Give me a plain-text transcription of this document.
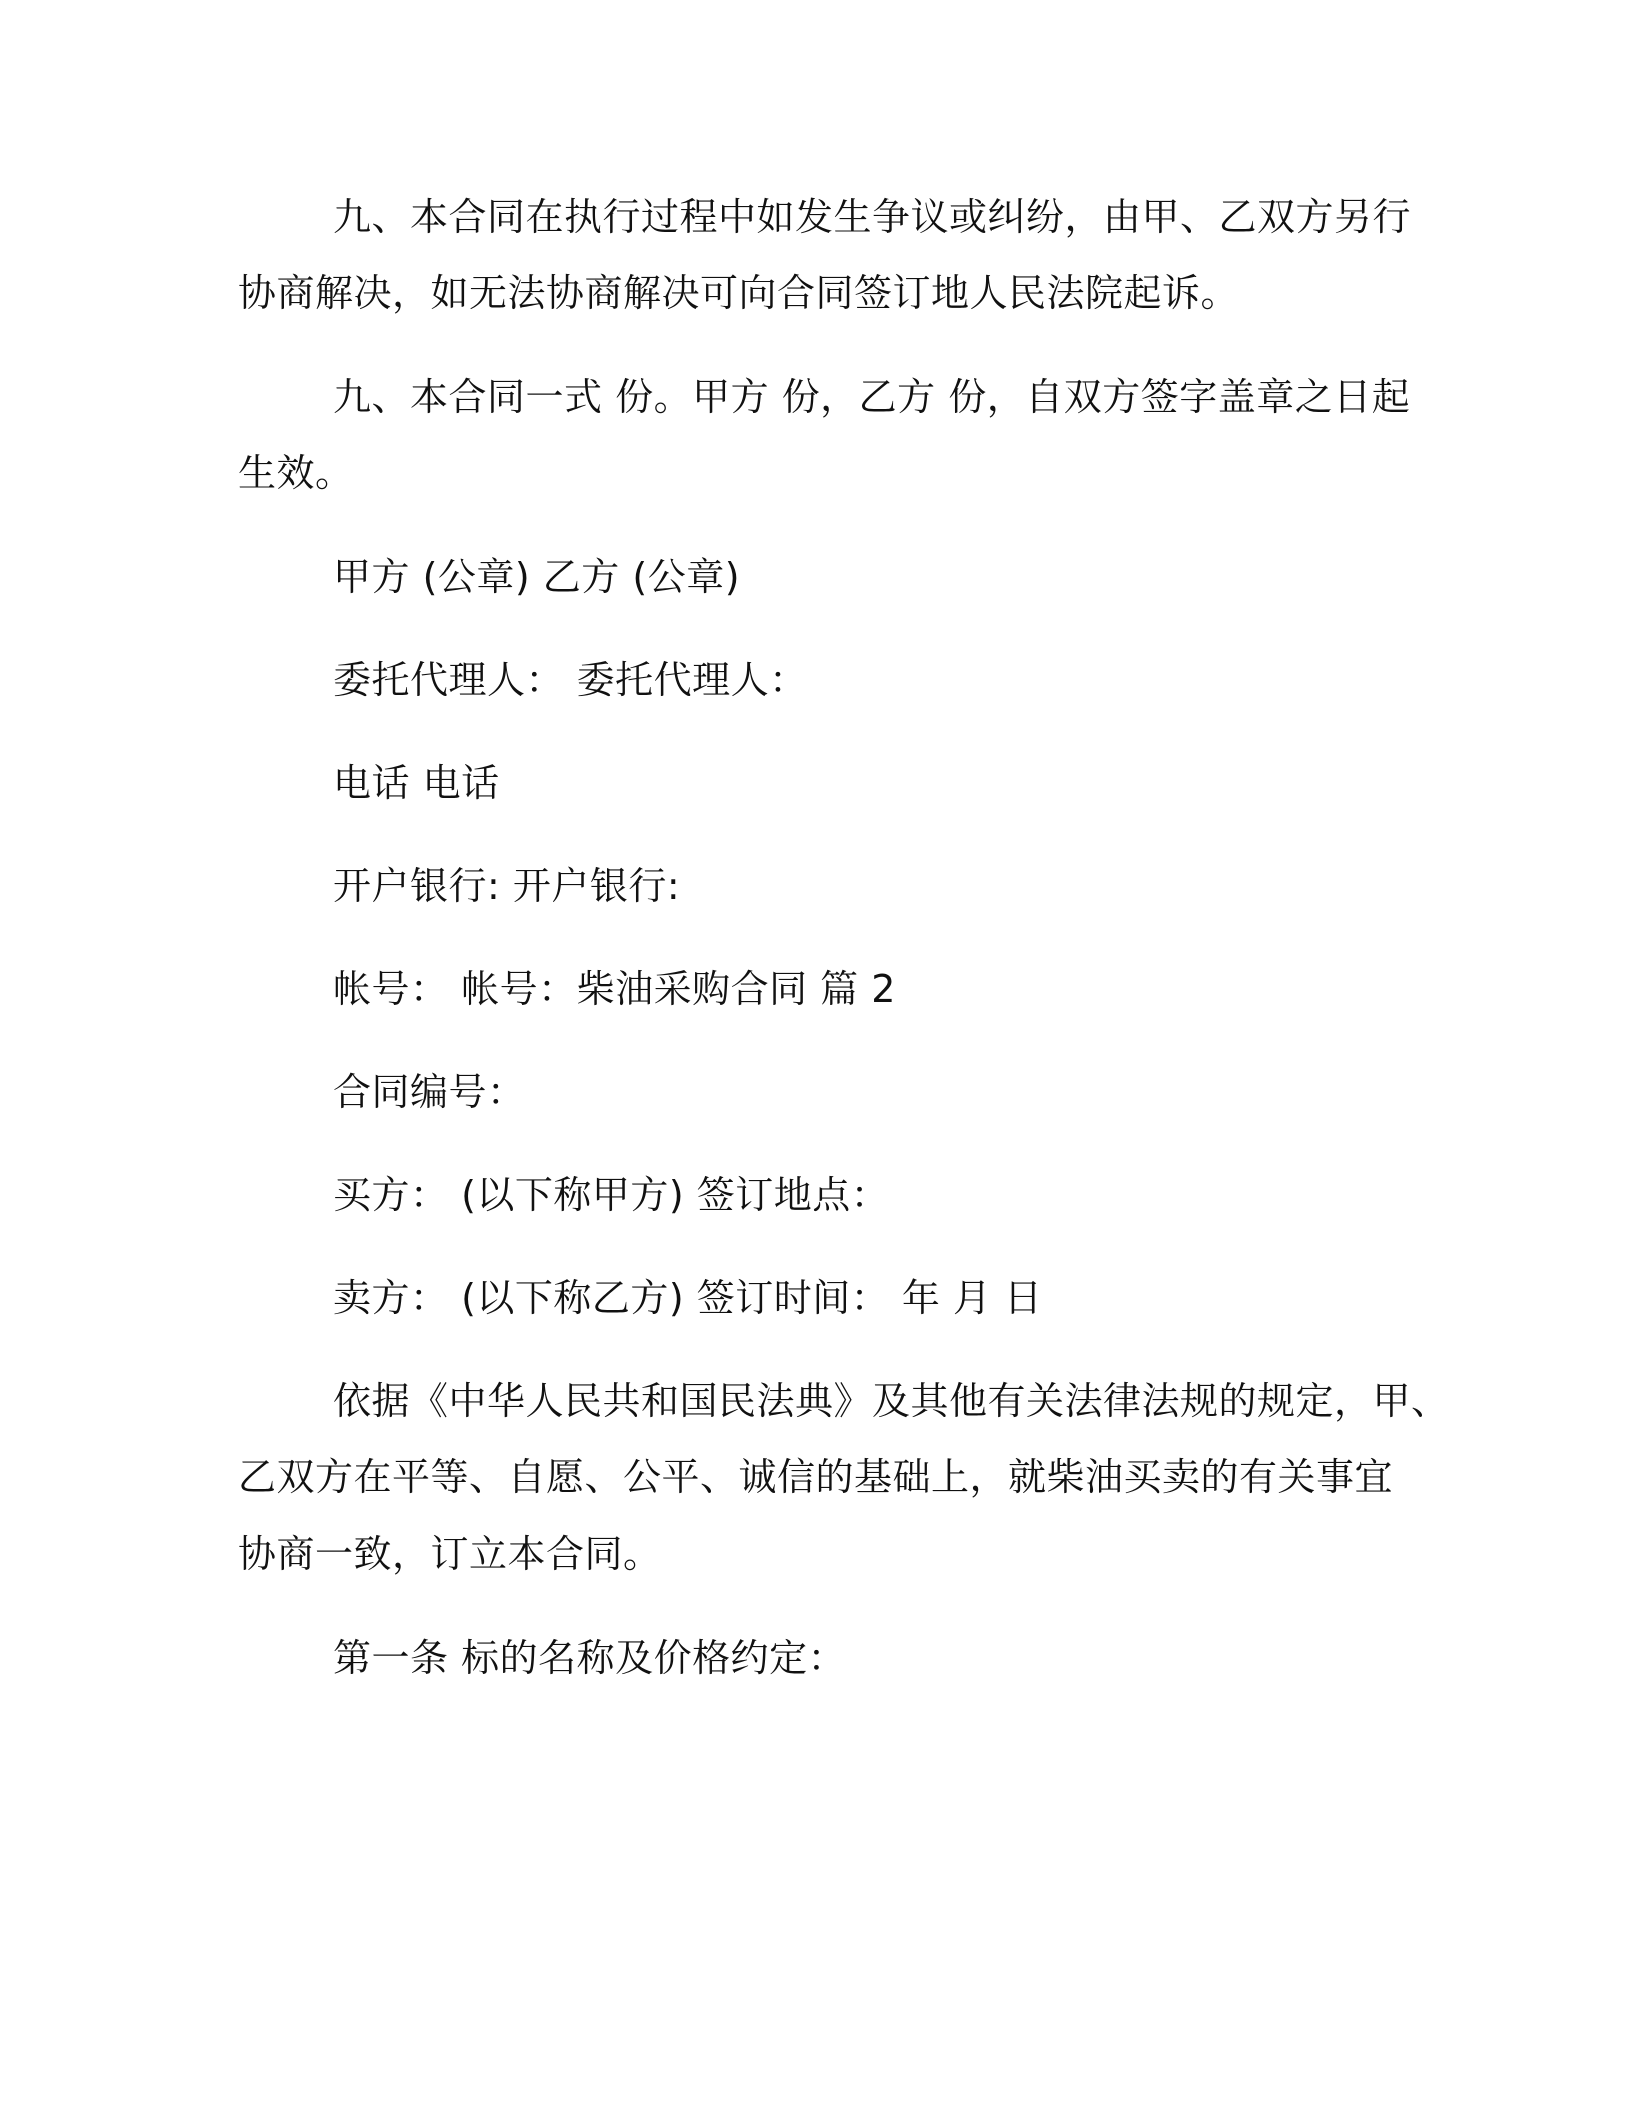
九、本合同在执行过程中如发生争议或纠纷，由甲、乙双方另行
协商解决，如无法协商解决可向合同签订地人民法院起诉。
九、本合同一式 份。甲方 份，乙方 份，自双方签字盖章之日起
生效。
甲方 (公章) 乙方 (公章)
委托代理人： 委托代理人：
电话 电话
开户银行: 开户银行:
帐号： 帐号：柴油采购合同 篇 2
合同编号：
买方： (以下称甲方) 签订地点：
卖方： (以下称乙方) 签订时间： 年 月 日
依据《中华人民共和国民法典》及其他有关法律法规的规定，甲、
乙双方在平等、自愿、公平、诚信的基础上，就柴油买卖的有关事宜
协商一致，订立本合同。
第一条 标的名称及价格约定：
